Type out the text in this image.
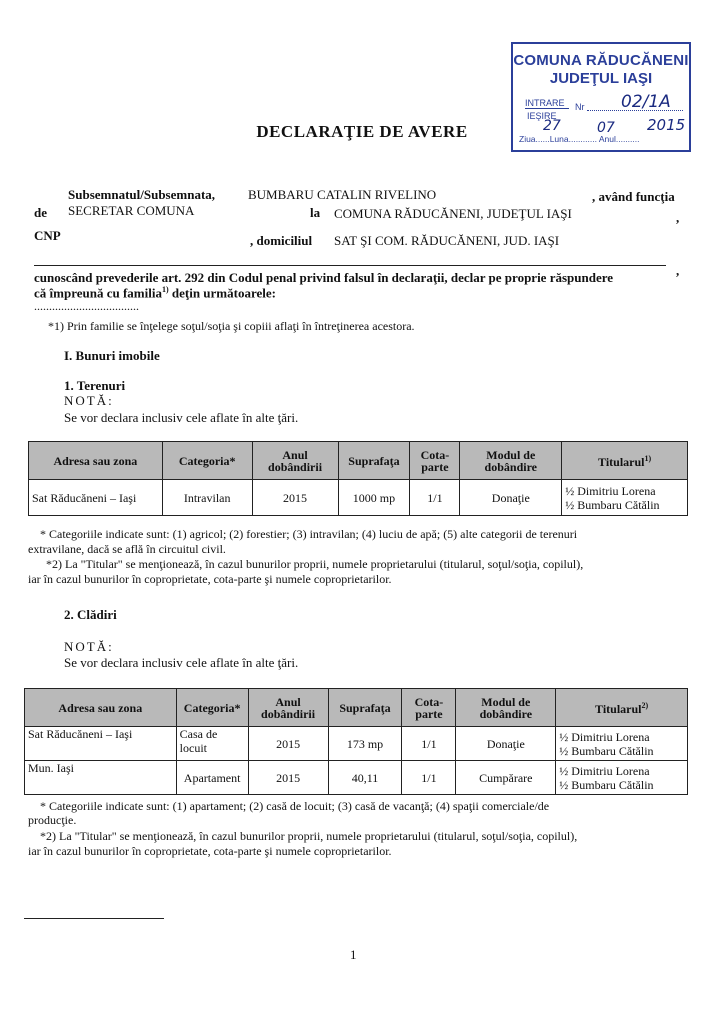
COMUNA RĂDUCĂNENI
JUDEŢUL IAŞI
INTRARE Nr
IEŞIRE
02/1A
Ziua......Luna............ Anul..........
27	07 2015
DECLARAŢIE DE AVERE
Subsemnatul/Subsemnata,	BUMBARU CATALIN RIVELINO	, având funcţia
de SECRETAR COMUNA	la COMUNA RĂDUCĂNENI, JUDEŢUL IAŞI	,
CNP	, domiciliul SAT ŞI COM. RĂDUCĂNENI, JUD. IAŞI
,
cunoscând prevederile art. 292 din Codul penal privind falsul în declaraţii, declar pe proprie răspundere
că împreună cu familia$^{1)}$ deţin următoarele:
...................................
*1) Prin familie se înţelege soţul/soţia şi copiii aflaţi în întreţinerea acestora.
I. Bunuri imobile
1. Terenuri
NOTĂ:
Se vor declara inclusiv cele aflate în alte ţări.
Adresa sau zona	Categoria*	Anul dobândirii	Suprafaţa	Cota-parte	Modul de dobândire	Titularul$^{1)}$
Sat Răducăneni – Iaşi	Intravilan	2015	1000 mp	1/1	Donaţie	½ Dimitriu Lorena
½ Bumbaru Cătălin
* Categoriile indicate sunt: (1) agricol; (2) forestier; (3) intravilan; (4) luciu de apă; (5) alte categorii de terenuri
extravilane, dacă se află în circuitul civil.
*2) La "Titular" se menţionează, în cazul bunurilor proprii, numele proprietarului (titularul, soţul/soţia, copilul),
iar în cazul bunurilor în coproprietate, cota-parte şi numele coproprietarilor.
2. Clădiri
NOTĂ:
Se vor declara inclusiv cele aflate în alte ţări.
Adresa sau zona	Categoria*	Anul dobândirii	Suprafaţa	Cota-parte	Modul de dobândire	Titularul$^{2)}$
Sat Răducăneni – Iaşi	Casa de locuit	2015	173 mp	1/1	Donaţie	½ Dimitriu Lorena
½ Bumbaru Cătălin

Mun. Iaşi	Apartament	2015	40,11	1/1	Cumpărare	½ Dimitriu Lorena
½ Bumbaru Cătălin
* Categoriile indicate sunt: (1) apartament; (2) casă de locuit; (3) casă de vacanţă; (4) spaţii comerciale/de
producţie.
*2) La "Titular" se menţionează, în cazul bunurilor proprii, numele proprietarului (titularul, soţul/soţia, copilul),
iar în cazul bunurilor în coproprietate, cota-parte şi numele coproprietarilor.
1
